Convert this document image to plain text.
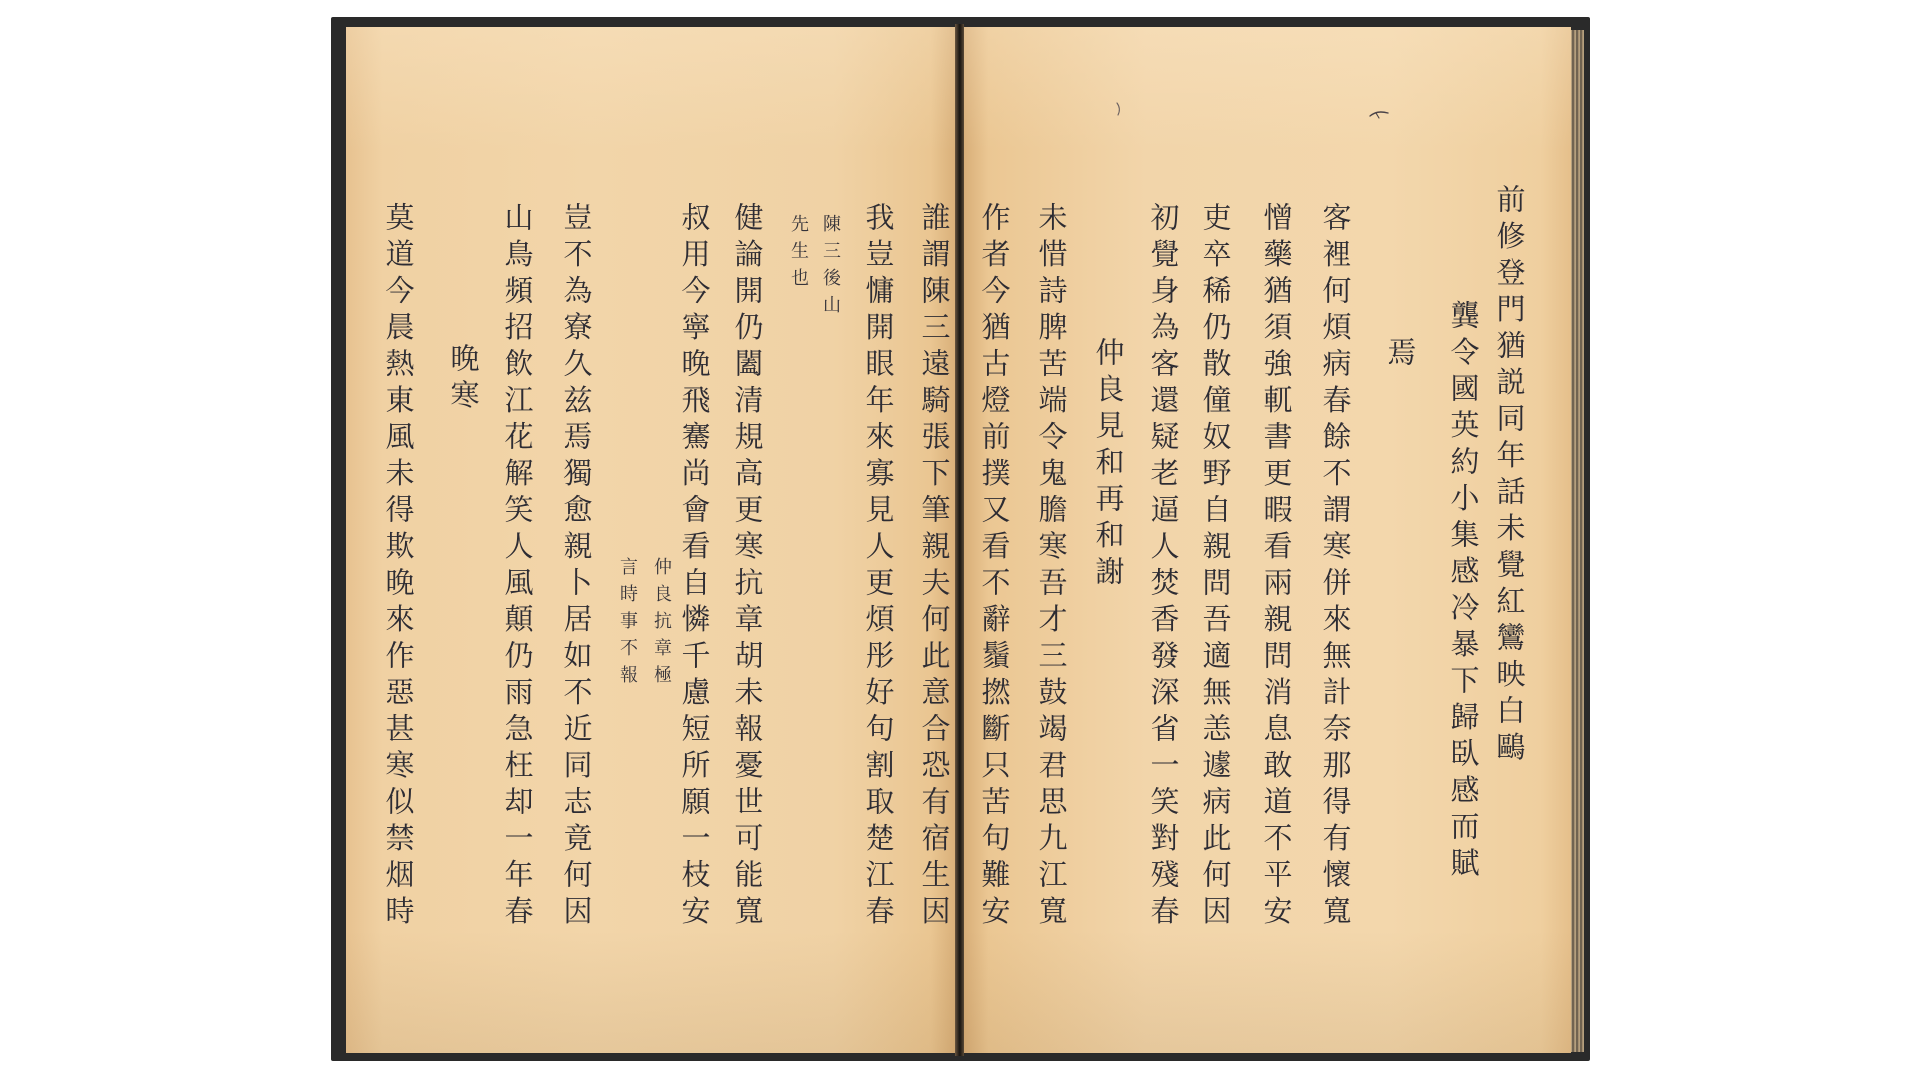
誰謂陳三遠騎張下筆親夫何此意合恐有宿生因
我豈慵開眼年來寡見人更煩彤好句割取楚江春
陳三後山
先生也
健論開仍闔清規高更寒抗章胡未報憂世可能寬
叔用今寧晚飛騫尚會看自憐千慮短所願一枝安
仲良抗章極
言時事不報
豈不為寮久兹焉獨愈親卜居如不近同志竟何因
山鳥頻招飲江花解笑人風顛仍雨急枉却一年春
晚寒
莫道今晨熱東風未得欺晚來作惡甚寒似禁烟時	前修登門猶説同年話未覺紅鸞映白鷗
龔令國英約小集感冷暴下歸臥感而賦
焉
客裡何煩病春餘不謂寒併來無計奈那得有懷寬
憎藥猶須強軏書更暇看兩親問消息敢道不平安
吏卒稀仍散僮奴野自親問吾適無恙遽病此何因
初覺身為客還疑老逼人焚香發深省一笑對殘春
仲良見和再和謝
未惜詩脾苦端令鬼膽寒吾才三鼓竭君思九江寬
作者今猶古燈前撲又看不辭鬚撚斷只苦句難安
